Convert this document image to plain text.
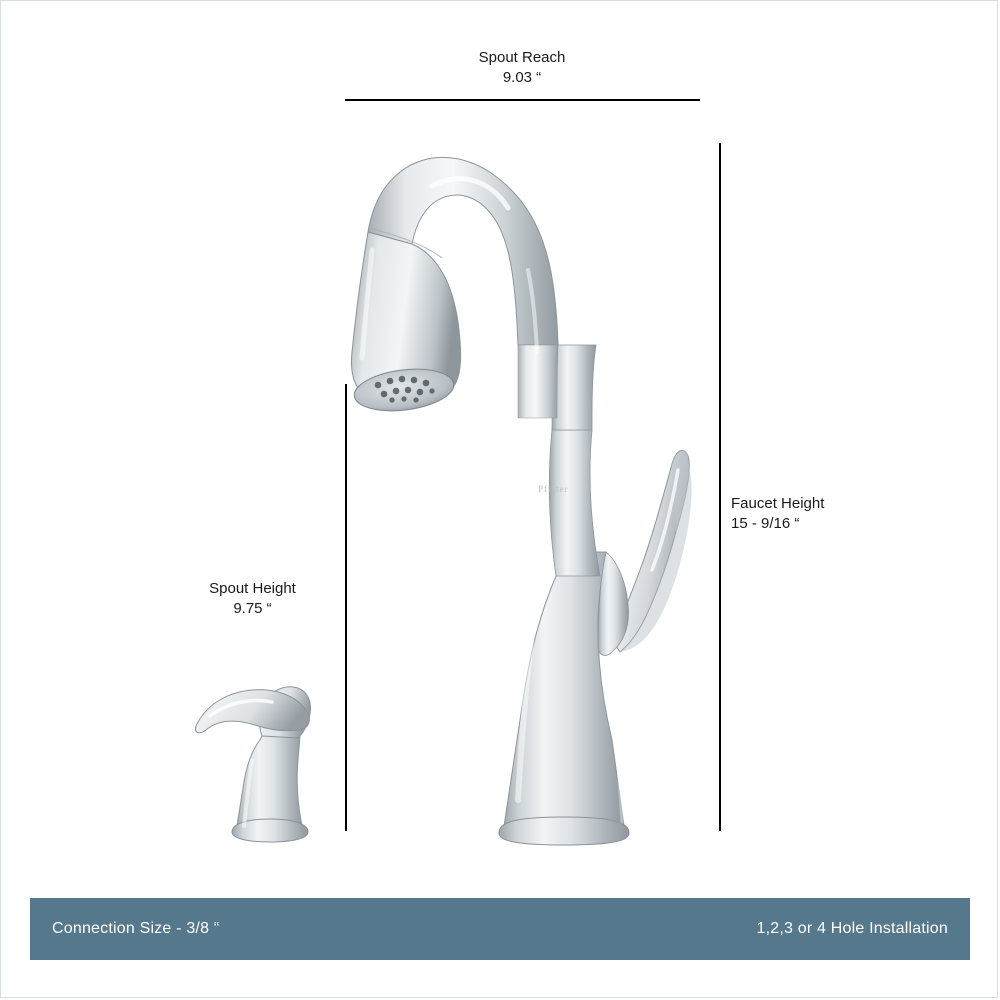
Pfister
Spout Reach
9.03 “
Spout Height
9.75 “
Faucet Height
15 - 9/16 “
Connection Size - 3/8 “	1,2,3 or 4 Hole Installation
